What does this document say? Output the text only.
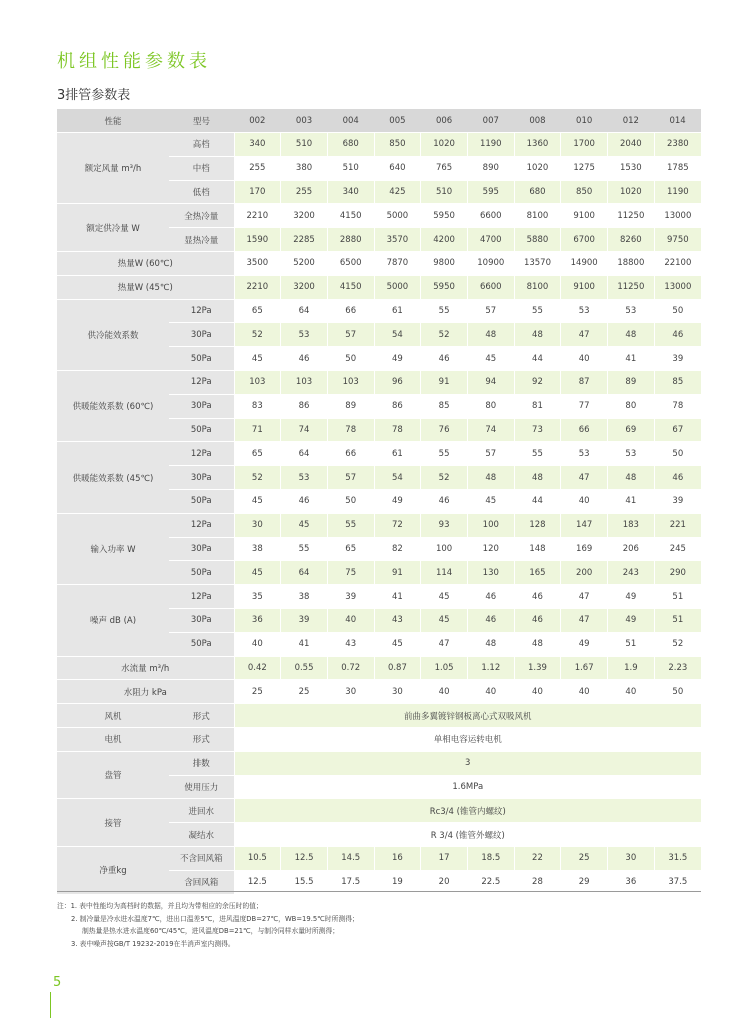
机组性能参数表
3排管参数表
性能	型号	002	003	004	005	006	007	008	010	012	014
额定风量 m³/h	高档	340	510	680	850	1020	1190	1360	1700	2040	2380
	中档	255	380	510	640	765	890	1020	1275	1530	1785
	低档	170	255	340	425	510	595	680	850	1020	1190
额定供冷量 W	全热冷量	2210	3200	4150	5000	5950	6600	8100	9100	11250	13000
	显热冷量	1590	2285	2880	3570	4200	4700	5880	6700	8260	9750
热量W (60℃)		3500	5200	6500	7870	9800	10900	13570	14900	18800	22100
热量W (45℃)		2210	3200	4150	5000	5950	6600	8100	9100	11250	13000
供冷能效系数	12Pa	65	64	66	61	55	57	55	53	53	50
	30Pa	52	53	57	54	52	48	48	47	48	46
	50Pa	45	46	50	49	46	45	44	40	41	39
供暖能效系数 (60℃)	12Pa	103	103	103	96	91	94	92	87	89	85
	30Pa	83	86	89	86	85	80	81	77	80	78
	50Pa	71	74	78	78	76	74	73	66	69	67
供暖能效系数 (45℃)	12Pa	65	64	66	61	55	57	55	53	53	50
	30Pa	52	53	57	54	52	48	48	47	48	46
	50Pa	45	46	50	49	46	45	44	40	41	39
输入功率 W	12Pa	30	45	55	72	93	100	128	147	183	221
	30Pa	38	55	65	82	100	120	148	169	206	245
	50Pa	45	64	75	91	114	130	165	200	243	290
噪声 dB (A)	12Pa	35	38	39	41	45	46	46	47	49	51
	30Pa	36	39	40	43	45	46	46	47	49	51
	50Pa	40	41	43	45	47	48	48	49	51	52
水流量 m³/h		0.42	0.55	0.72	0.87	1.05	1.12	1.39	1.67	1.9	2.23
水阻力 kPa		25	25	30	30	40	40	40	40	40	50
风机	形式	前曲多翼镀锌钢板离心式双吸风机									
电机	形式	单相电容运转电机									
盘管	排数	3									
	使用压力	1.6MPa									
接管	进回水	Rc3/4 (锥管内螺纹)									
	凝结水	R 3/4 (锥管外螺纹)									
净重kg	不含回风箱	10.5	12.5	14.5	16	17	18.5	22	25	30	31.5
	含回风箱	12.5	15.5	17.5	19	20	22.5	28	29	36	37.5
注：1. 表中性能均为高档时的数据，并且均为带相应的余压时的值；
2. 制冷量是冷水进水温度7℃，进出口温差5℃，进风温度DB=27℃，WB=19.5℃时所测得；
制热量是热水进水温度60℃/45℃，进风温度DB=21℃，与制冷同样水量时所测得；
3. 表中噪声按GB/T 19232-2019在半消声室内测得。
5
